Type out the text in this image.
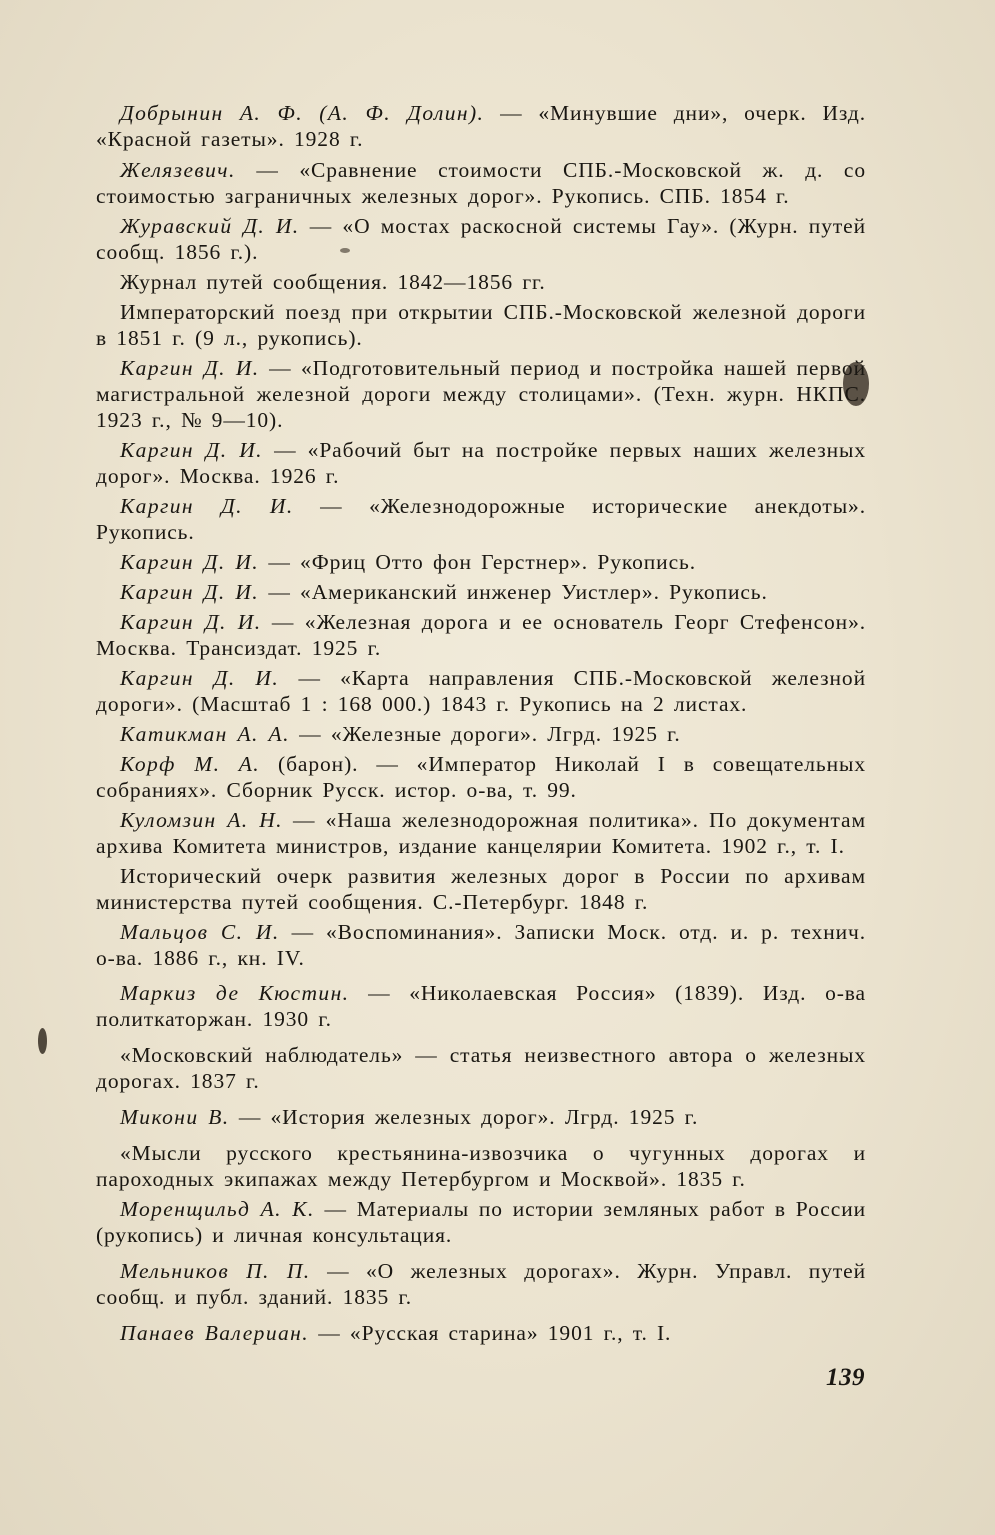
Добрынин А. Ф. (А. Ф. Долин). — «Минувшие дни», очерк. Изд. «Красной газеты». 1928 г.

Желязевич. — «Сравнение стоимости СПБ.-Московской ж. д. со стоимостью заграничных железных дорог». Рукопись. СПБ. 1854 г.

Журавский Д. И. — «О мостах раскосной системы Гау». (Журн. путей сообщ. 1856 г.).

Журнал путей сообщения. 1842—1856 гг.

Императорский поезд при открытии СПБ.-Московской железной дороги в 1851 г. (9 л., рукопись).

Каргин Д. И. — «Подготовительный период и постройка нашей первой магистральной железной дороги между столицами». (Техн. журн. НКПС. 1923 г., № 9—10).

Каргин Д. И. — «Рабочий быт на постройке первых наших железных дорог». Москва. 1926 г.

Каргин Д. И. — «Железнодорожные исторические анекдоты». Рукопись.

Каргин Д. И. — «Фриц Отто фон Герстнер». Рукопись.

Каргин Д. И. — «Американский инженер Уистлер». Рукопись.

Каргин Д. И. — «Железная дорога и ее основатель Георг Стефенсон». Москва. Трансиздат. 1925 г.

Каргин Д. И. — «Карта направления СПБ.-Московской железной дороги». (Масштаб 1 : 168 000.) 1843 г. Рукопись на 2 листах.

Катикман А. А. — «Железные дороги». Лгрд. 1925 г.

Корф М. А. (барон). — «Император Николай I в совещательных собраниях». Сборник Русск. истор. о-ва, т. 99.

Куломзин А. Н. — «Наша железнодорожная политика». По документам архива Комитета министров, издание канцелярии Комитета. 1902 г., т. I.

Исторический очерк развития железных дорог в России по архивам министерства путей сообщения. С.-Петербург. 1848 г.

Мальцов С. И. — «Воспоминания». Записки Моск. отд. и. р. технич. о-ва. 1886 г., кн. IV.

Маркиз де Кюстин. — «Николаевская Россия» (1839). Изд. о-ва политкаторжан. 1930 г.

«Московский наблюдатель» — статья неизвестного автора о железных дорогах. 1837 г.

Микони В. — «История железных дорог». Лгрд. 1925 г.

«Мысли русского крестьянина-извозчика о чугунных дорогах и пароходных экипажах между Петербургом и Москвой». 1835 г.

Моренщильд А. К. — Материалы по истории земляных работ в России (рукопись) и личная консультация.

Мельников П. П. — «О железных дорогах». Журн. Управл. путей сообщ. и публ. зданий. 1835 г.

Панаев Валериан. — «Русская старина» 1901 г., т. I.

139
